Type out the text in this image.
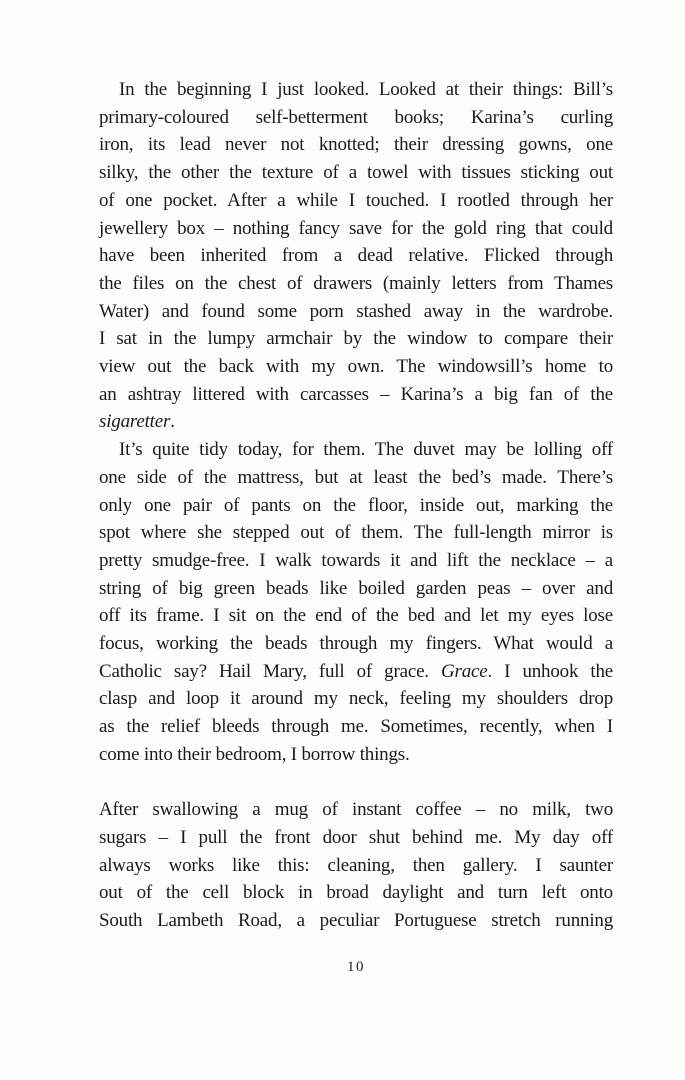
In the beginning I just looked. Looked at their things: Bill’s
primary-coloured self-betterment books; Karina’s curling
iron, its lead never not knotted; their dressing gowns, one
silky, the other the texture of a towel with tissues sticking out
of one pocket. After a while I touched. I rootled through her
jewellery box – nothing fancy save for the gold ring that could
have been inherited from a dead relative. Flicked through
the files on the chest of drawers (mainly letters from Thames
Water) and found some porn stashed away in the wardrobe.
I sat in the lumpy armchair by the window to compare their
view out the back with my own. The windowsill’s home to
an ashtray littered with carcasses – Karina’s a big fan of the
sigaretter.
It’s quite tidy today, for them. The duvet may be lolling off
one side of the mattress, but at least the bed’s made. There’s
only one pair of pants on the floor, inside out, marking the
spot where she stepped out of them. The full-length mirror is
pretty smudge-free. I walk towards it and lift the necklace – a
string of big green beads like boiled garden peas – over and
off its frame. I sit on the end of the bed and let my eyes lose
focus, working the beads through my fingers. What would a
Catholic say? Hail Mary, full of grace. Grace. I unhook the
clasp and loop it around my neck, feeling my shoulders drop
as the relief bleeds through me. Sometimes, recently, when I
come into their bedroom, I borrow things.
After swallowing a mug of instant coffee – no milk, two
sugars – I pull the front door shut behind me. My day off
always works like this: cleaning, then gallery. I saunter
out of the cell block in broad daylight and turn left onto
South Lambeth Road, a peculiar Portuguese stretch running
10
